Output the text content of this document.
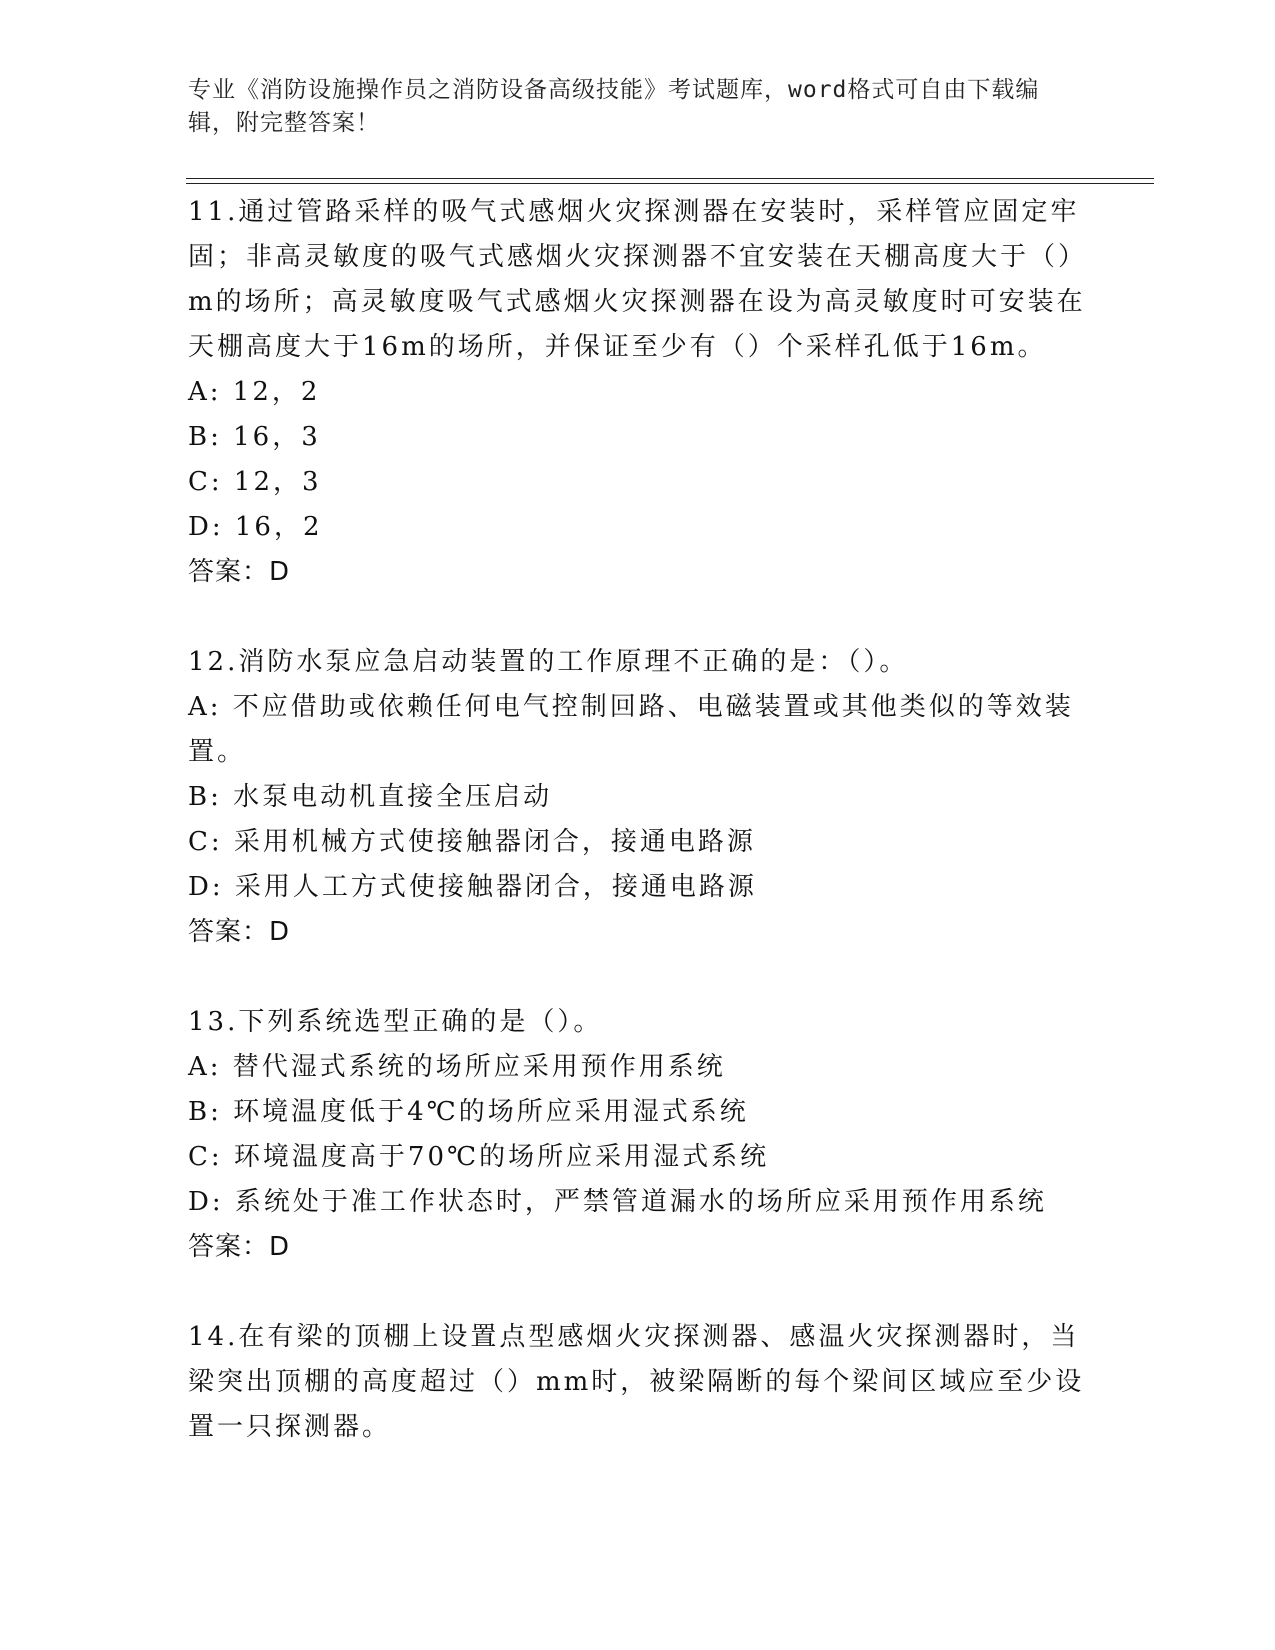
专业《消防设施操作员之消防设备高级技能》考试题库，word格式可自由下载编辑，附完整答案！

11.通过管路采样的吸气式感烟火灾探测器在安装时，采样管应固定牢固；非高灵敏度的吸气式感烟火灾探测器不宜安装在天棚高度大于（）m的场所；高灵敏度吸气式感烟火灾探测器在设为高灵敏度时可安装在天棚高度大于16m的场所，并保证至少有（）个采样孔低于16m。

A: 12，2

B: 16，3

C: 12，3

D: 16，2

答案：D

12.消防水泵应急启动装置的工作原理不正确的是：（）。

A: 不应借助或依赖任何电气控制回路、电磁装置或其他类似的等效装置。

B: 水泵电动机直接全压启动

C: 采用机械方式使接触器闭合，接通电路源

D: 采用人工方式使接触器闭合，接通电路源

答案：D

13.下列系统选型正确的是（）。

A: 替代湿式系统的场所应采用预作用系统

B: 环境温度低于4℃的场所应采用湿式系统

C: 环境温度高于70℃的场所应采用湿式系统

D: 系统处于准工作状态时，严禁管道漏水的场所应采用预作用系统

答案：D

14.在有梁的顶棚上设置点型感烟火灾探测器、感温火灾探测器时，当梁突出顶棚的高度超过（）mm时，被梁隔断的每个梁间区域应至少设置一只探测器。
